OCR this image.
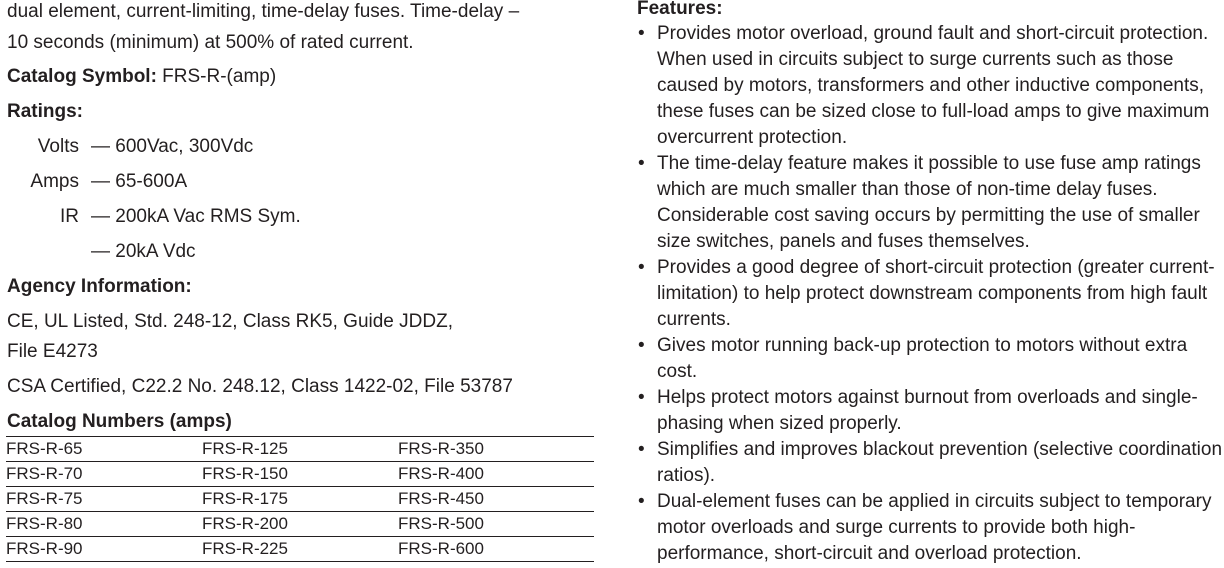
dual element, current-limiting, time-delay fuses. Time-delay –
10 seconds (minimum) at 500% of rated current.
Catalog Symbol: FRS-R-(amp)
Ratings:
Volts — 600Vac, 300Vdc
Amps — 65-600A
IR — 200kA Vac RMS Sym.
— 20kA Vdc
Agency Information:
CE, UL Listed, Std. 248-12, Class RK5, Guide JDDZ,
File E4273
CSA Certified, C22.2 No. 248.12, Class 1422-02, File 53787
Catalog Numbers (amps)
FRS-R-65	FRS-R-125	FRS-R-350
FRS-R-70	FRS-R-150	FRS-R-400
FRS-R-75	FRS-R-175	FRS-R-450
FRS-R-80	FRS-R-200	FRS-R-500
FRS-R-90	FRS-R-225	FRS-R-600
Features:
• Provides motor overload, ground fault and short-circuit protection. When used in circuits subject to surge currents such as those caused by motors, transformers and other inductive components, these fuses can be sized close to full-load amps to give maximum overcurrent protection.
• The time-delay feature makes it possible to use fuse amp ratings which are much smaller than those of non-time delay fuses. Considerable cost saving occurs by permitting the use of smaller size switches, panels and fuses themselves.
• Provides a good degree of short-circuit protection (greater current-limitation) to help protect downstream components from high fault currents.
• Gives motor running back-up protection to motors without extra cost.
• Helps protect motors against burnout from overloads and single-phasing when sized properly.
• Simplifies and improves blackout prevention (selective coordination ratios).
• Dual-element fuses can be applied in circuits subject to temporary motor overloads and surge currents to provide both high-performance, short-circuit and overload protection.
